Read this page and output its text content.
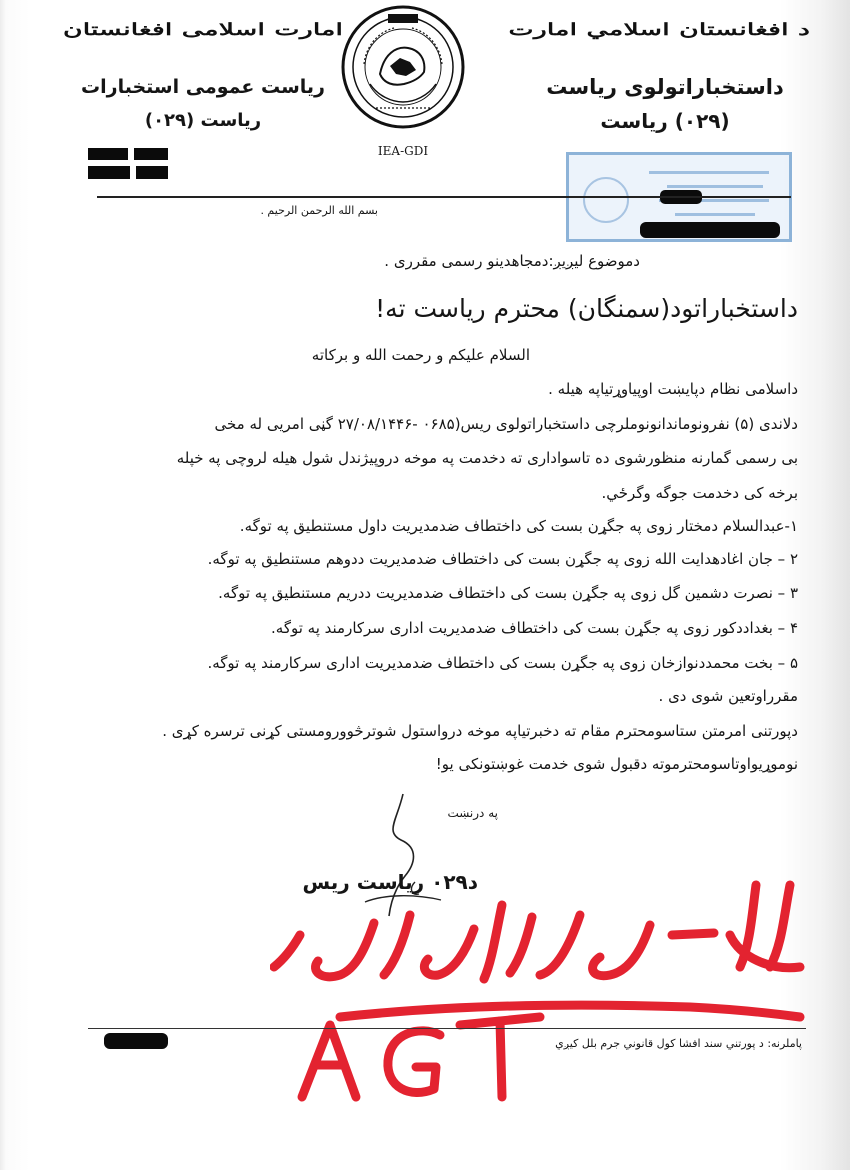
د افغانستان اسلامي امارت
داستخباراتولوی ریاست
(۰۲۹) ریاست
امارت اسلامی افغانستان
ریاست عمومی استخبارات
ریاست (۰۲۹)
IEA-GDI
بسم الله الرحمن الرحیم .
دموضوع لیږیږ:دمجاهدینو رسمی مقرری .
داستخباراتود(سمنگان) محترم ریاست ته!
السلام علیکم و رحمت الله و برکاته
داسلامی نظام دپایښت اوپیاوړتیاپه هیله .
دلاندی (۵) نفرونوماندانونوملرچی داستخباراتولوی ریس(۰۶۸۵ -۲۷/۰۸/۱۴۴۶ گڼی امریی له مخی
بی رسمی گمارنه منظورشوی ده تاسواداری ته دخدمت په موخه دروپیژندل شول هیله لروچی په خپله
برخه کی دخدمت جوگه وگرځي.
۱-عبدالسلام دمختار زوی په جگړن بست کی داختطاف ضدمدیریت داول مستنطیق په توگه.
۲ – جان اغادهدایت الله زوی په جگړن بست کی داختطاف ضدمدیریت ددوهم مستنطیق په توگه.
۳ – نصرت دشمین گل زوی په جگړن بست کی داختطاف ضدمدیریت ددریم مستنطیق په توگه.
۴ – بغداددکور زوی په جگړن بست کی داختطاف ضدمدیریت اداری سرکارمند په توگه.
۵ – بخت محمددنوازخان زوی په جگړن بست کی داختطاف ضدمدیریت اداری سرکارمند په توگه.
مقرراوتعین شوی دی .
دپورتنی امرمتن ستاسومحترم مقام ته دخبرتیاپه موخه درواستول شوترڅوورومستی کړنی ترسره کړی .
نوموړیواوتاسومحترموته دقبول شوی خدمت غوښتونکی یو!
په درنښت
د۰۲۹ ریاست ریس
پاملرنه: د پورتني سند افشا کول قانوني جرم بلل کیږي
